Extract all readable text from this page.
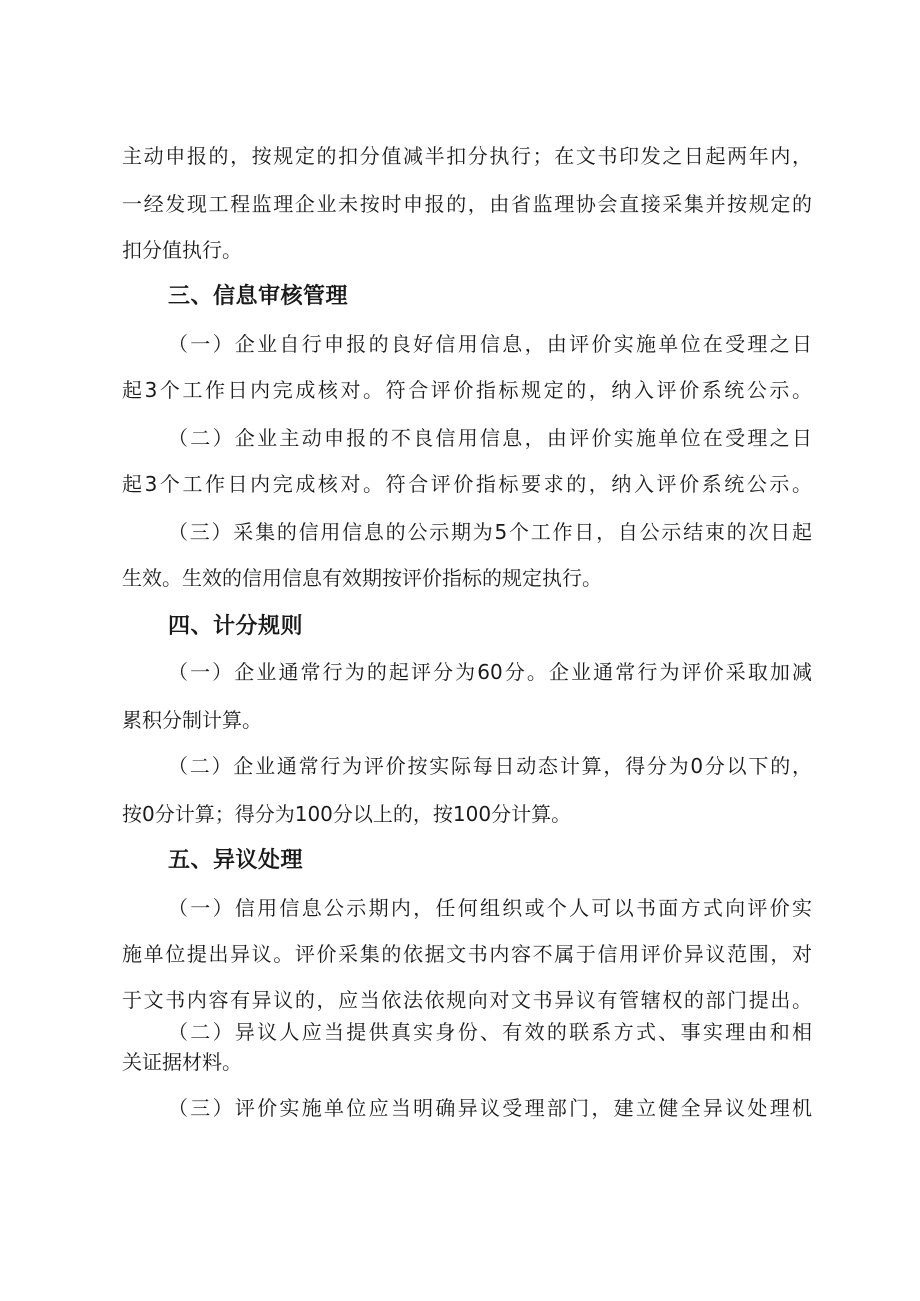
主动申报的，按规定的扣分值减半扣分执行；在文书印发之日起两年内，
一经发现工程监理企业未按时申报的，由省监理协会直接采集并按规定的
扣分值执行。
三、信息审核管理
（一）企业自行申报的良好信用信息，由评价实施单位在受理之日
起3个工作日内完成核对。符合评价指标规定的，纳入评价系统公示。
（二）企业主动申报的不良信用信息，由评价实施单位在受理之日
起3个工作日内完成核对。符合评价指标要求的，纳入评价系统公示。
（三）采集的信用信息的公示期为5个工作日，自公示结束的次日起
生效。生效的信用信息有效期按评价指标的规定执行。
四、计分规则
（一）企业通常行为的起评分为60分。企业通常行为评价采取加减
累积分制计算。
（二）企业通常行为评价按实际每日动态计算，得分为0分以下的，
按0分计算；得分为100分以上的，按100分计算。
五、异议处理
（一）信用信息公示期内，任何组织或个人可以书面方式向评价实
施单位提出异议。评价采集的依据文书内容不属于信用评价异议范围，对
于文书内容有异议的，应当依法依规向对文书异议有管辖权的部门提出。
（二）异议人应当提供真实身份、有效的联系方式、事实理由和相
关证据材料。
（三）评价实施单位应当明确异议受理部门，建立健全异议处理机
